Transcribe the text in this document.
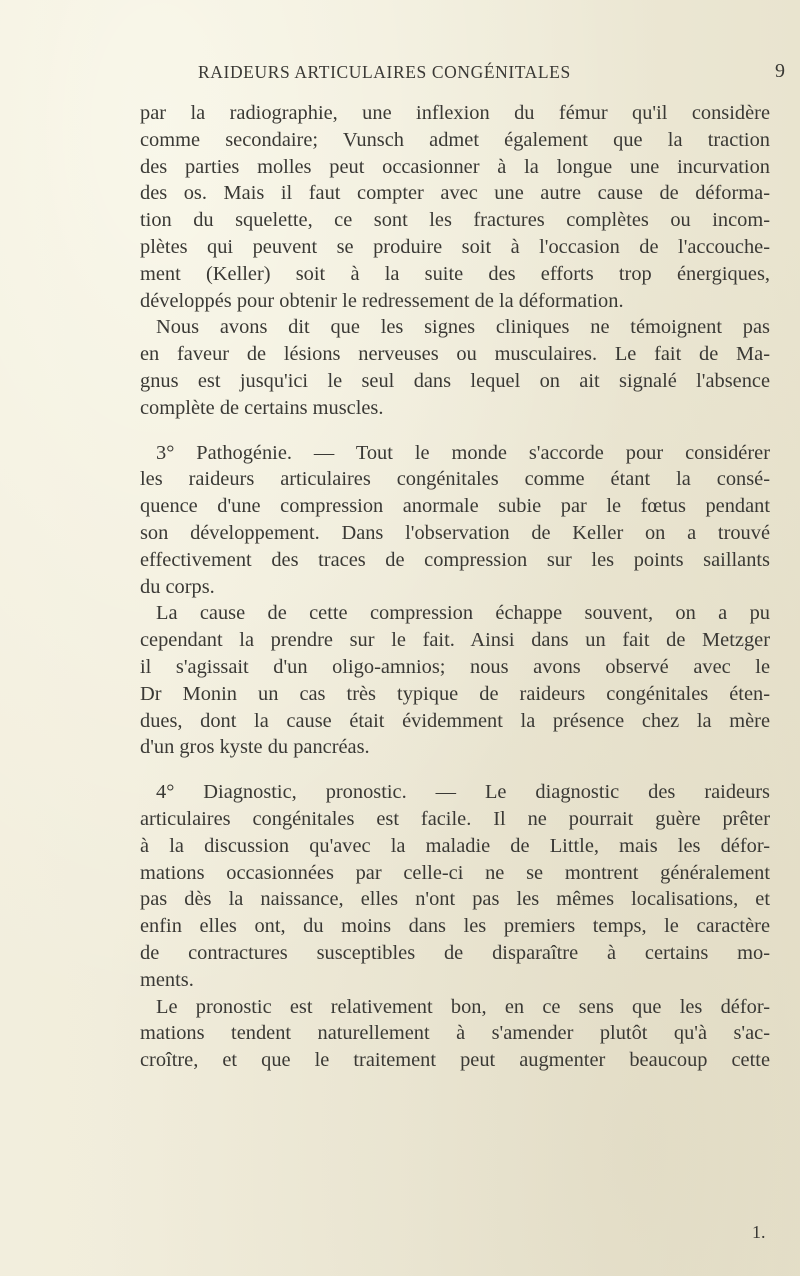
RAIDEURS ARTICULAIRES CONGÉNITALES	9
par la radiographie, une inflexion du fémur qu'il considère
comme secondaire; Vunsch admet également que la traction
des parties molles peut occasionner à la longue une incurvation
des os. Mais il faut compter avec une autre cause de déforma-
tion du squelette, ce sont les fractures complètes ou incom-
plètes qui peuvent se produire soit à l'occasion de l'accouche-
ment (Keller) soit à la suite des efforts trop énergiques,
développés pour obtenir le redressement de la déformation.
Nous avons dit que les signes cliniques ne témoignent pas
en faveur de lésions nerveuses ou musculaires. Le fait de Ma-
gnus est jusqu'ici le seul dans lequel on ait signalé l'absence
complète de certains muscles.
3° Pathogénie. — Tout le monde s'accorde pour considérer
les raideurs articulaires congénitales comme étant la consé-
quence d'une compression anormale subie par le fœtus pendant
son développement. Dans l'observation de Keller on a trouvé
effectivement des traces de compression sur les points saillants
du corps.
La cause de cette compression échappe souvent, on a pu
cependant la prendre sur le fait. Ainsi dans un fait de Metzger
il s'agissait d'un oligo-amnios; nous avons observé avec le
Dr Monin un cas très typique de raideurs congénitales éten-
dues, dont la cause était évidemment la présence chez la mère
d'un gros kyste du pancréas.
4° Diagnostic, pronostic. — Le diagnostic des raideurs
articulaires congénitales est facile. Il ne pourrait guère prêter
à la discussion qu'avec la maladie de Little, mais les défor-
mations occasionnées par celle-ci ne se montrent généralement
pas dès la naissance, elles n'ont pas les mêmes localisations, et
enfin elles ont, du moins dans les premiers temps, le caractère
de contractures susceptibles de disparaître à certains mo-
ments.
Le pronostic est relativement bon, en ce sens que les défor-
mations tendent naturellement à s'amender plutôt qu'à s'ac-
croître, et que le traitement peut augmenter beaucoup cette
1.
